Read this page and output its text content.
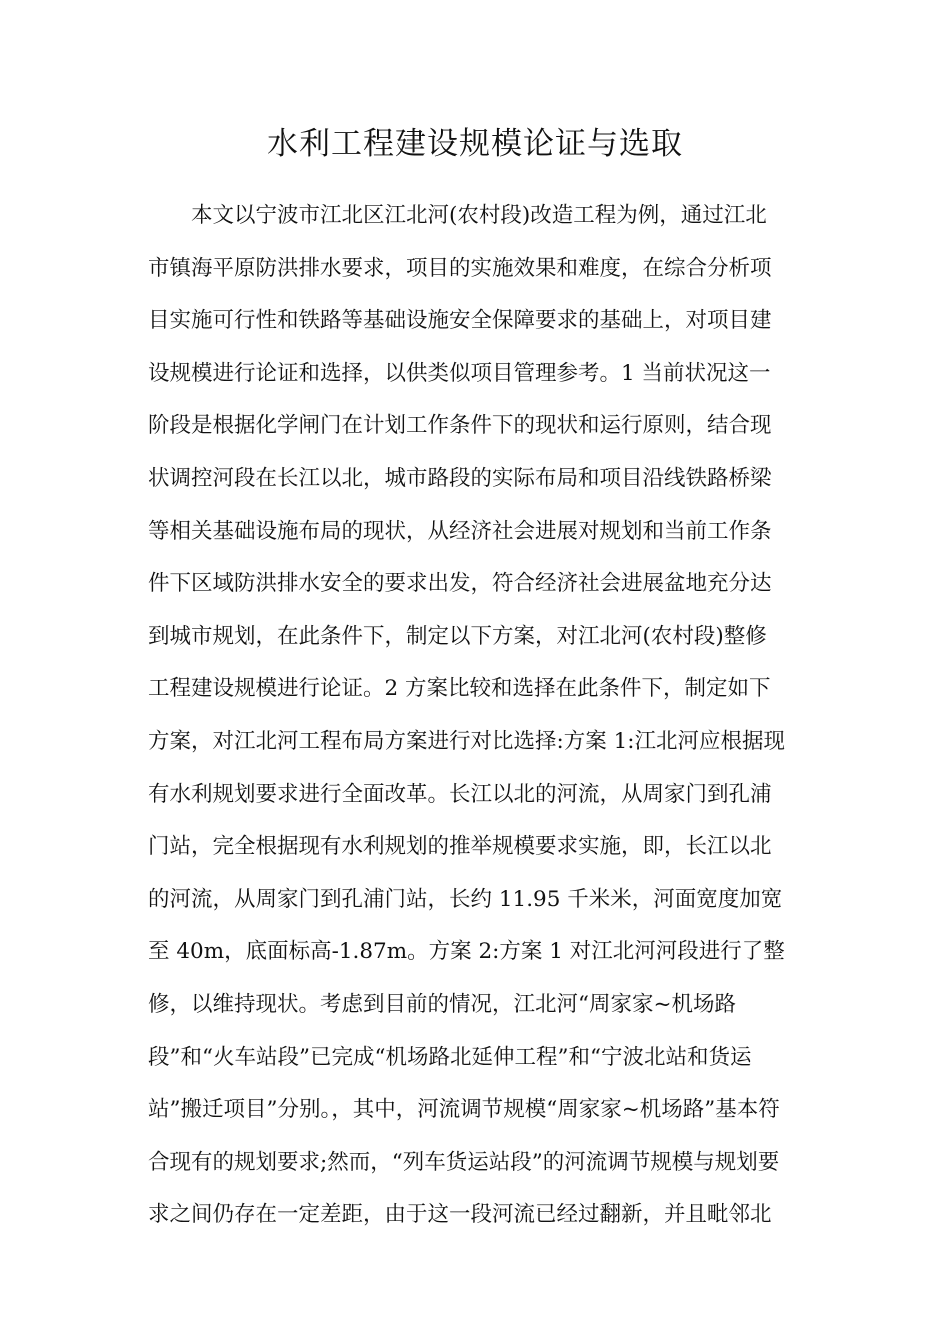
水利工程建设规模论证与选取
本文以宁波市江北区江北河(农村段)改造工程为例，通过江北
市镇海平原防洪排水要求，项目的实施效果和难度，在综合分析项
目实施可行性和铁路等基础设施安全保障要求的基础上，对项目建
设规模进行论证和选择，以供类似项目管理参考。1 当前状况这一
阶段是根据化学闸门在计划工作条件下的现状和运行原则，结合现
状调控河段在长江以北，城市路段的实际布局和项目沿线铁路桥梁
等相关基础设施布局的现状，从经济社会进展对规划和当前工作条
件下区域防洪排水安全的要求出发，符合经济社会进展盆地充分达
到城市规划，在此条件下，制定以下方案，对江北河(农村段)整修
工程建设规模进行论证。2 方案比较和选择在此条件下，制定如下
方案，对江北河工程布局方案进行对比选择:方案 1:江北河应根据现
有水利规划要求进行全面改革。长江以北的河流，从周家门到孔浦
门站，完全根据现有水利规划的推举规模要求实施，即，长江以北
的河流，从周家门到孔浦门站，长约 11.95 千米米，河面宽度加宽
至 40m，底面标高-1.87m。方案 2:方案 1 对江北河河段进行了整
修，以维持现状。考虑到目前的情况，江北河“周家家~机场路
段”和“火车站段”已完成“机场路北延伸工程”和“宁波北站和货运
站”搬迁项目”分别。，其中，河流调节规模“周家家~机场路”基本符
合现有的规划要求;然而，“列车货运站段”的河流调节规模与规划要
求之间仍存在一定差距，由于这一段河流已经过翻新，并且毗邻北
